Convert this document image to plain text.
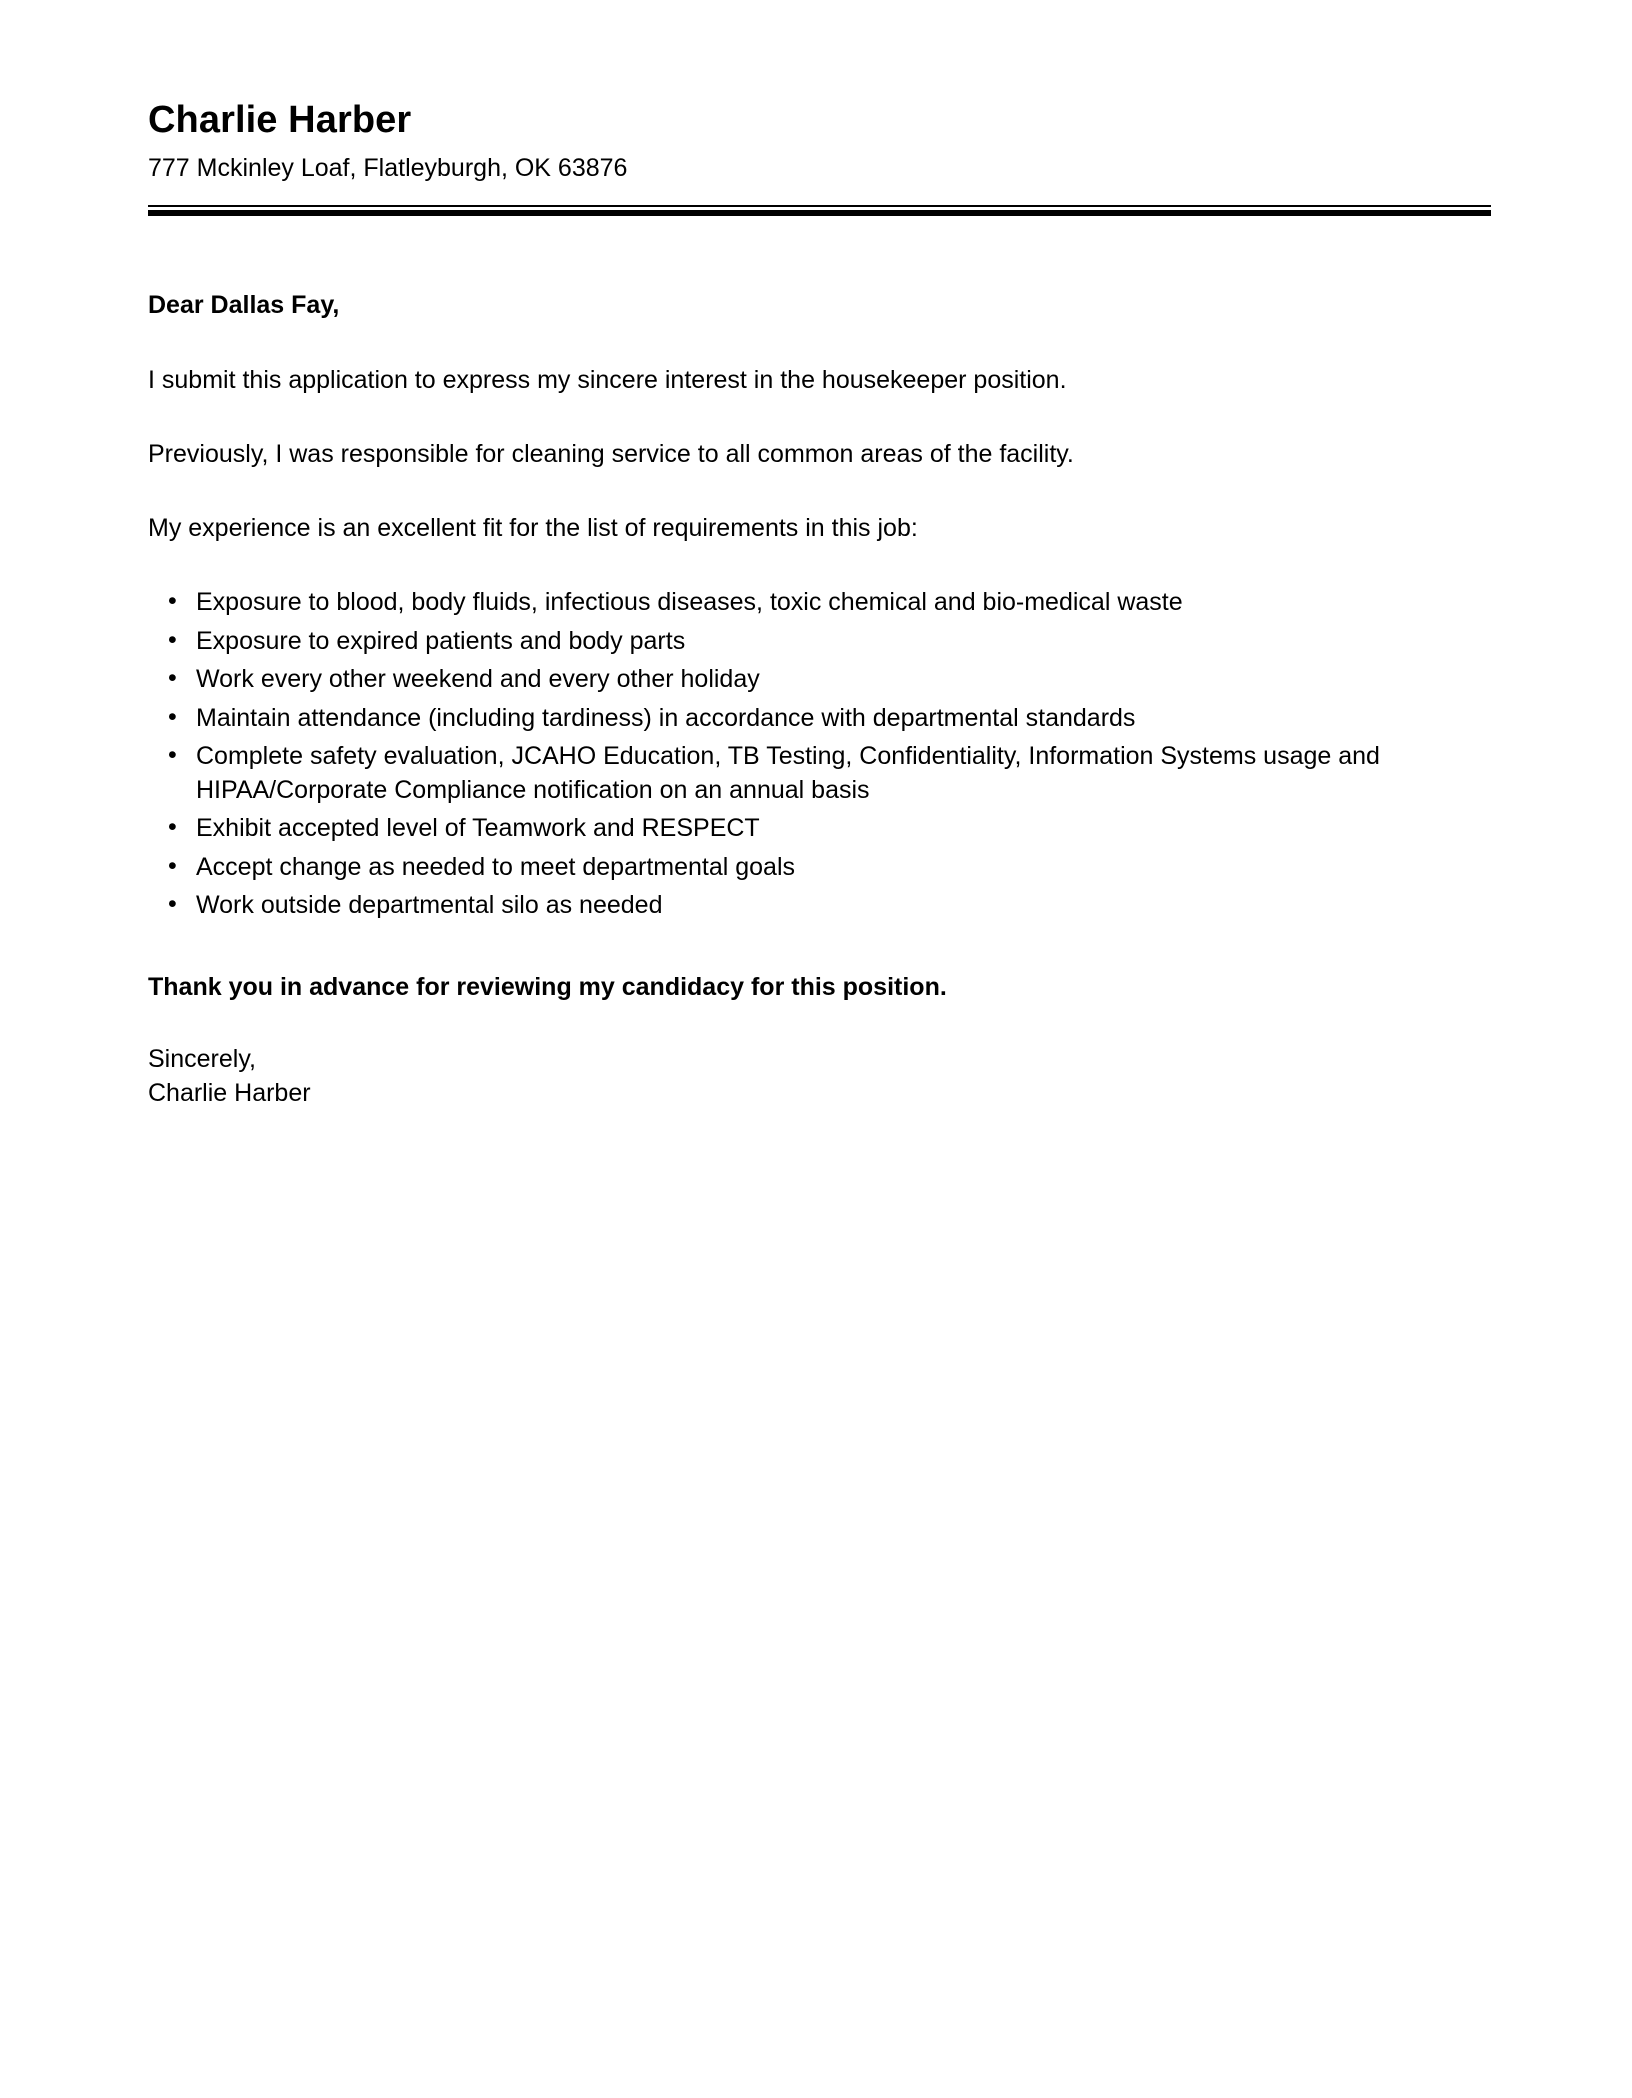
Charlie Harber
777 Mckinley Loaf, Flatleyburgh, OK 63876
Dear Dallas Fay,

I submit this application to express my sincere interest in the housekeeper position.

Previously, I was responsible for cleaning service to all common areas of the facility.

My experience is an excellent fit for the list of requirements in this job:

• Exposure to blood, body fluids, infectious diseases, toxic chemical and bio-medical waste
• Exposure to expired patients and body parts
• Work every other weekend and every other holiday
• Maintain attendance (including tardiness) in accordance with departmental standards
• Complete safety evaluation, JCAHO Education, TB Testing, Confidentiality, Information Systems usage and HIPAA/Corporate Compliance notification on an annual basis
• Exhibit accepted level of Teamwork and RESPECT
• Accept change as needed to meet departmental goals
• Work outside departmental silo as needed

Thank you in advance for reviewing my candidacy for this position.

Sincerely,
Charlie Harber
